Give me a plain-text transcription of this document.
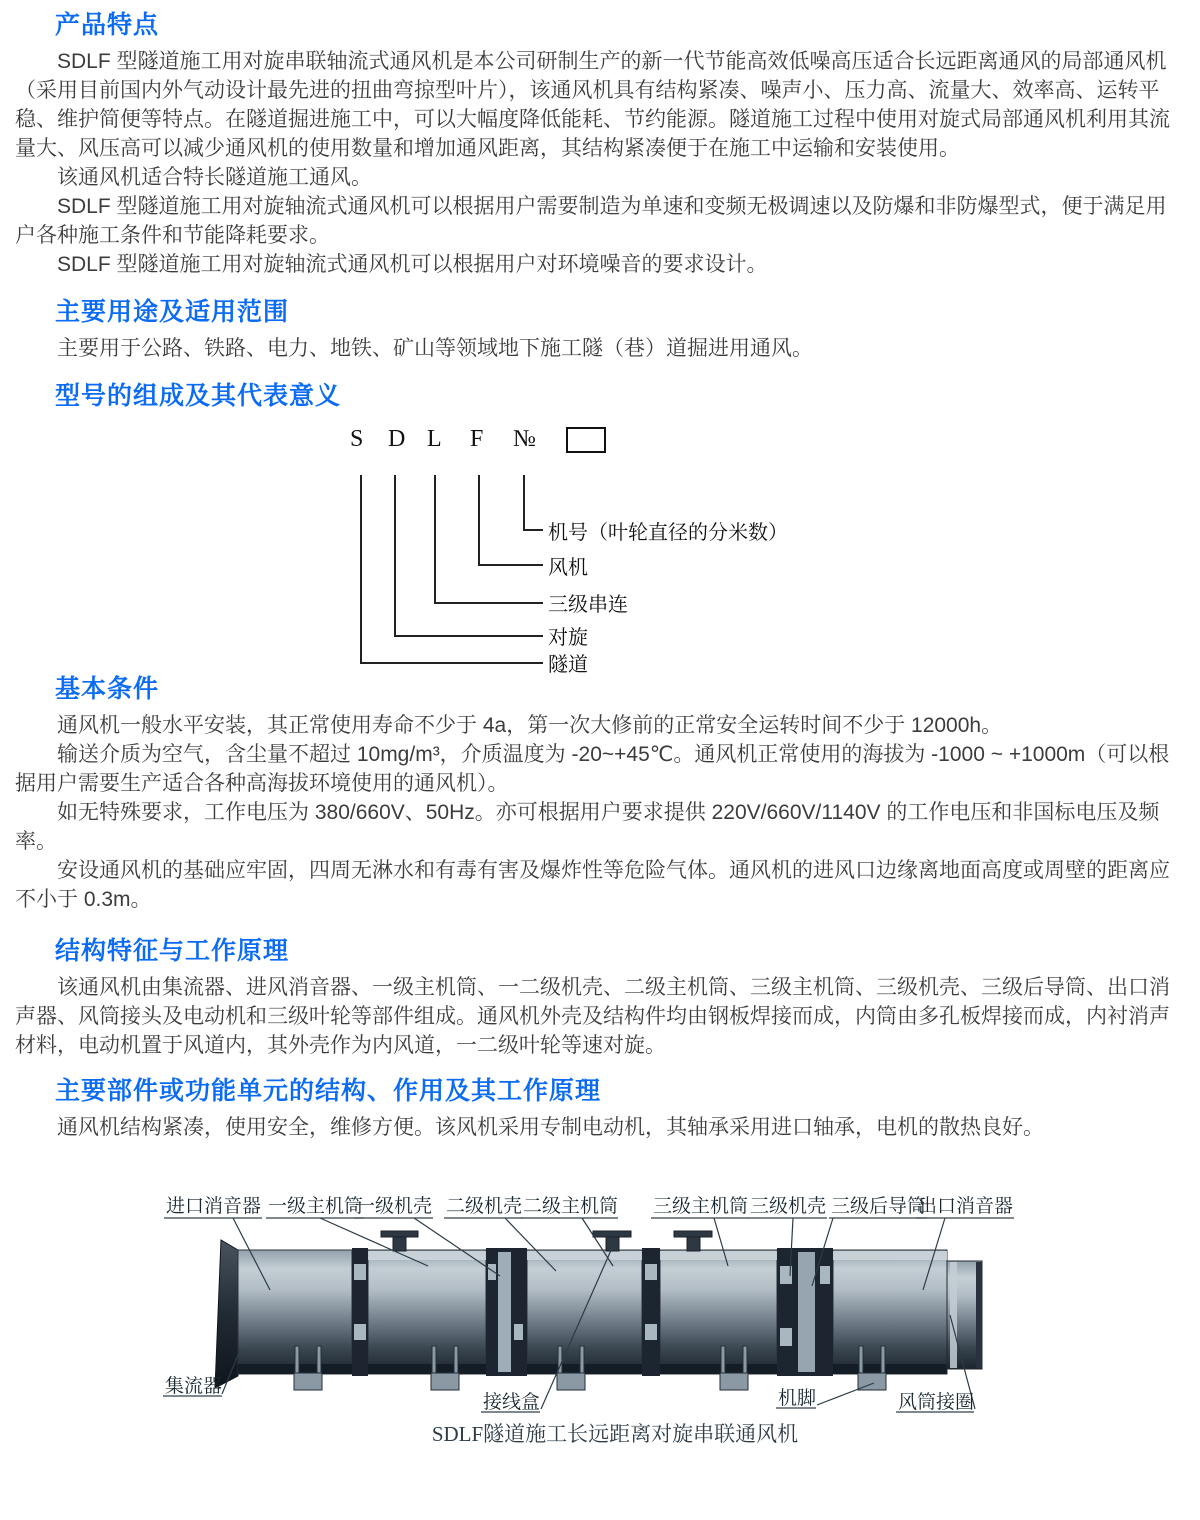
产品特点

SDLF 型隧道施工用对旋串联轴流式通风机是本公司研制生产的新一代节能高效低噪高压适合长远距离通风的局部通风机（采用目前国内外气动设计最先进的扭曲弯掠型叶片），该通风机具有结构紧凑、噪声小、压力高、流量大、效率高、运转平稳、维护简便等特点。在隧道掘进施工中，可以大幅度降低能耗、节约能源。隧道施工过程中使用对旋式局部通风机利用其流量大、风压高可以减少通风机的使用数量和增加通风距离，其结构紧凑便于在施工中运输和安装使用。

该通风机适合特长隧道施工通风。

SDLF 型隧道施工用对旋轴流式通风机可以根据用户需要制造为单速和变频无极调速以及防爆和非防爆型式，便于满足用户各种施工条件和节能降耗要求。

SDLF 型隧道施工用对旋轴流式通风机可以根据用户对环境噪音的要求设计。

主要用途及适用范围

主要用于公路、铁路、电力、地铁、矿山等领域地下施工隧（巷）道掘进用通风。

型号的组成及其代表意义
S D L F №
机号（叶轮直径的分米数）
风机
三级串连
对旋
隧道
基本条件

通风机一般水平安装，其正常使用寿命不少于 4a，第一次大修前的正常安全运转时间不少于 12000h。

输送介质为空气，含尘量不超过 10mg/m³，介质温度为 -20~+45℃。通风机正常使用的海拔为 -1000 ~ +1000m（可以根据用户需要生产适合各种高海拔环境使用的通风机）。

如无特殊要求，工作电压为 380/660V、50Hz。亦可根据用户要求提供 220V/660V/1140V 的工作电压和非国标电压及频率。

安设通风机的基础应牢固，四周无淋水和有毒有害及爆炸性等危险气体。通风机的进风口边缘离地面高度或周壁的距离应不小于 0.3m。

结构特征与工作原理

该通风机由集流器、进风消音器、一级主机筒、一二级机壳、二级主机筒、三级主机筒、三级机壳、三级后导筒、出口消声器、风筒接头及电动机和三级叶轮等部件组成。通风机外壳及结构件均由钢板焊接而成，内筒由多孔板焊接而成，内衬消声材料，电动机置于风道内，其外壳作为内风道，一二级叶轮等速对旋。

主要部件或功能单元的结构、作用及其工作原理

通风机结构紧凑，使用安全，维修方便。该风机采用专制电动机，其轴承采用进口轴承，电机的散热良好。

进口消音器 一级主机筒
一级机壳 二级机壳 二级主机筒 三级主机筒 三级机壳 三级后导筒
出口消音器
集流器
接线盒	机脚	风筒接圈
SDLF隧道施工长远距离对旋串联通风机
